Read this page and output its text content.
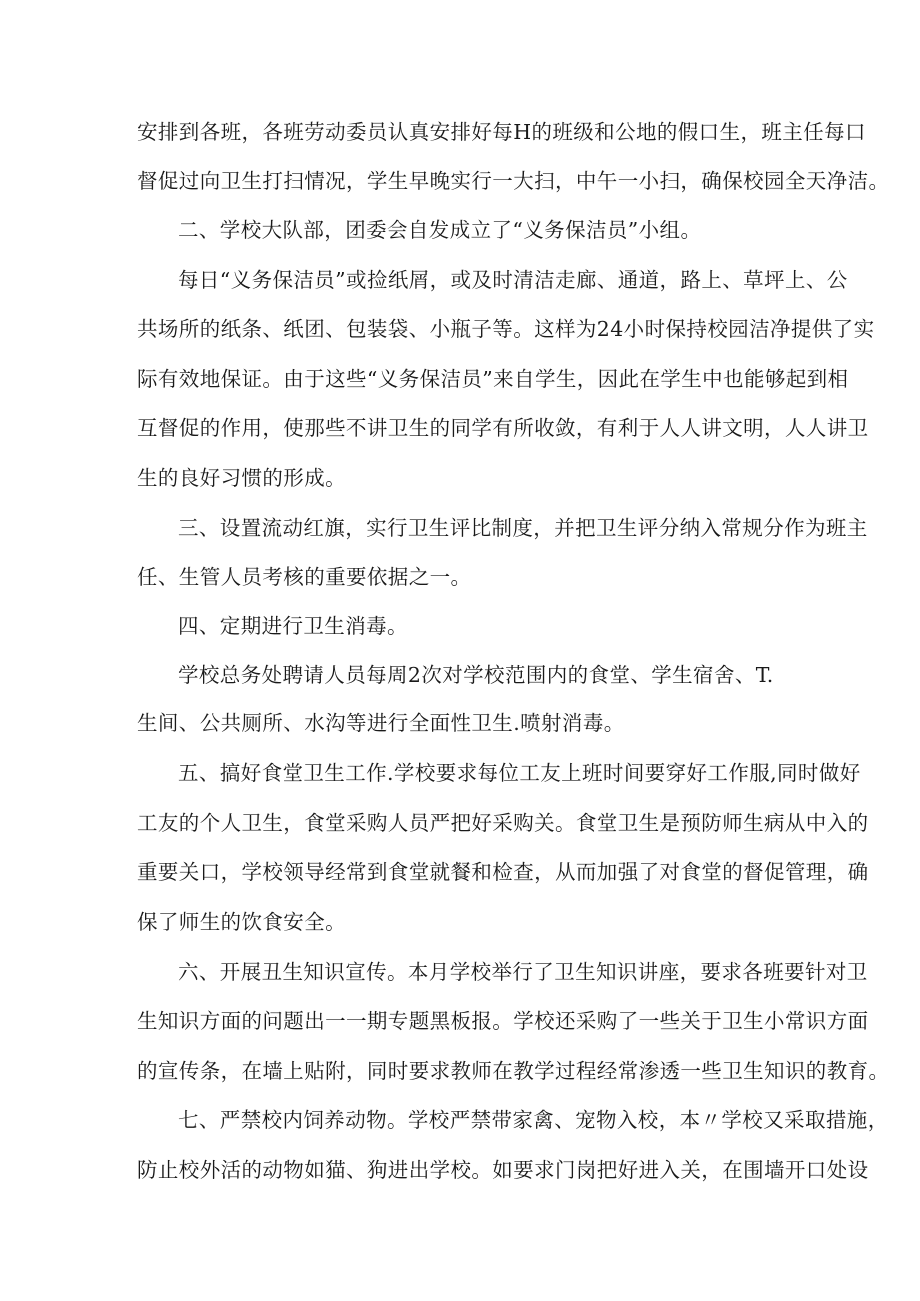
安排到各班，各班劳动委员认真安排好每H的班级和公地的假口生，班主任每口
督促过向卫生打扫情况，学生早晚实行一大扫，中午一小扫，确保校园全天净洁。
二、学校大队部，团委会自发成立了“义务保洁员”小组。
每日“义务保洁员”或捡纸屑，或及时清洁走廊、通道，路上、草坪上、公
共场所的纸条、纸团、包装袋、小瓶子等。这样为24小时保持校园洁净提供了实
际有效地保证。由于这些“义务保洁员”来自学生，因此在学生中也能够起到相
互督促的作用，使那些不讲卫生的同学有所收敛，有利于人人讲文明，人人讲卫
生的良好习惯的形成。
三、设置流动红旗，实行卫生评比制度，并把卫生评分纳入常规分作为班主
任、生管人员考核的重要依据之一。
四、定期进行卫生消毒。
学校总务处聘请人员每周2次对学校范围内的食堂、学生宿舍、T.
生间、公共厕所、水沟等进行全面性卫生.喷射消毒。
五、搞好食堂卫生工作.学校要求每位工友上班时间要穿好工作服,同时做好
工友的个人卫生，食堂采购人员严把好采购关。食堂卫生是预防师生病从中入的
重要关口，学校领导经常到食堂就餐和检查，从而加强了对食堂的督促管理，确
保了师生的饮食安全。
六、开展丑生知识宣传。本月学校举行了卫生知识讲座，要求各班要针对卫
生知识方面的问题出一一期专题黑板报。学校还采购了一些关于卫生小常识方面
的宣传条，在墙上贴附，同时要求教师在教学过程经常渗透一些卫生知识的教育。
七、严禁校内饲养动物。学校严禁带家禽、宠物入校，本〃学校又采取措施，
防止校外活的动物如猫、狗进出学校。如要求门岗把好进入关，在围墙开口处设
